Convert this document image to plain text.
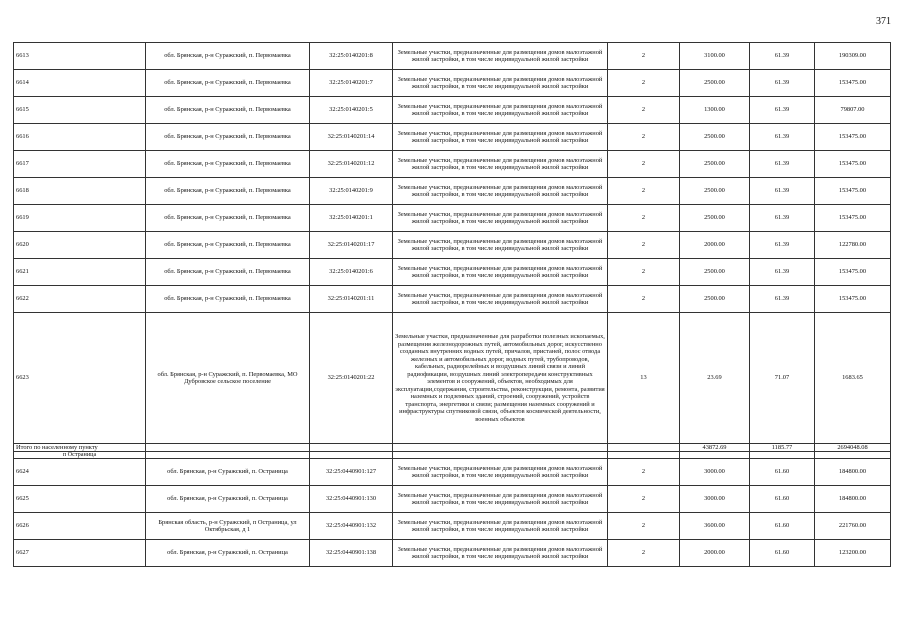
371
6613	обл. Брянская, р-н Суражский, п. Первомаевка	32:25:0140201:8	Земельные участки, предназначенные для размещения домов малоэтажной жилой застройки, в том числе индивидуальной жилой застройки	2	3100.00	61.39	190309.00
6614	обл. Брянская, р-н Суражский, п. Первомаевка	32:25:0140201:7	Земельные участки, предназначенные для размещения домов малоэтажной жилой застройки, в том числе индивидуальной жилой застройки	2	2500.00	61.39	153475.00
6615	обл. Брянская, р-н Суражский, п. Первомаевка	32:25:0140201:5	Земельные участки, предназначенные для размещения домов малоэтажной жилой застройки, в том числе индивидуальной жилой застройки	2	1300.00	61.39	79807.00
6616	обл. Брянская, р-н Суражский, п. Первомаевка	32:25:0140201:14	Земельные участки, предназначенные для размещения домов малоэтажной жилой застройки, в том числе индивидуальной жилой застройки	2	2500.00	61.39	153475.00
6617	обл. Брянская, р-н Суражский, п. Первомаевка	32:25:0140201:12	Земельные участки, предназначенные для размещения домов малоэтажной жилой застройки, в том числе индивидуальной жилой застройки	2	2500.00	61.39	153475.00
6618	обл. Брянская, р-н Суражский, п. Первомаевка	32:25:0140201:9	Земельные участки, предназначенные для размещения домов малоэтажной жилой застройки, в том числе индивидуальной жилой застройки	2	2500.00	61.39	153475.00
6619	обл. Брянская, р-н Суражский, п. Первомаевка	32:25:0140201:1	Земельные участки, предназначенные для размещения домов малоэтажной жилой застройки, в том числе индивидуальной жилой застройки	2	2500.00	61.39	153475.00
6620	обл. Брянская, р-н Суражский, п. Первомаевка	32:25:0140201:17	Земельные участки, предназначенные для размещения домов малоэтажной жилой застройки, в том числе индивидуальной жилой застройки	2	2000.00	61.39	122780.00
6621	обл. Брянская, р-н Суражский, п. Первомаевка	32:25:0140201:6	Земельные участки, предназначенные для размещения домов малоэтажной жилой застройки, в том числе индивидуальной жилой застройки	2	2500.00	61.39	153475.00
6622	обл. Брянская, р-н Суражский, п. Первомаевка	32:25:0140201:11	Земельные участки, предназначенные для размещения домов малоэтажной жилой застройки, в том числе индивидуальной жилой застройки	2	2500.00	61.39	153475.00
6623	обл. Брянская, р-н Суражский, п. Первомаевка, МО Дубровское сельское поселение	32:25:0140201:22	Земельные участки, предназначенные для разработки полезных ископаемых, размещения железнодорожных путей, автомобильных дорог, искусственно созданных внутренних водных путей, причалов, пристаней, полос отвода железных и автомобильных дорог, водных путей, трубопроводов, кабельных, радиорелейных и воздушных линий связи и линий радиофикации, воздушных линий электропередачи конструктивных элементов и сооружений, объектов, необходимых для эксплуатации,содержания, строительства, реконструкции, ремонта, развития наземных и подземных зданий, строений, сооружений, устройств транспорта, энергетики и связи; размещения наземных сооружений и инфраструктуры спутниковой связи, объектов космической деятельности, военных объектов	13	23.69	71.07	1683.65
Итого по населенному пункту					43872.69	1185.77	2694048.08
п Остраница							
6624	обл. Брянская, р-н Суражский, п. Остраница	32:25:0440901:127	Земельные участки, предназначенные для размещения домов малоэтажной жилой застройки, в том числе индивидуальной жилой застройки	2	3000.00	61.60	184800.00
6625	обл. Брянская, р-н Суражский, п. Остраница	32:25:0440901:130	Земельные участки, предназначенные для размещения домов малоэтажной жилой застройки, в том числе индивидуальной жилой застройки	2	3000.00	61.60	184800.00
6626	Брянская область, р-н Суражский, п Остраница, ул Октябрьская, д 1	32:25:0440901:132	Земельные участки, предназначенные для размещения домов малоэтажной жилой застройки, в том числе индивидуальной жилой застройки	2	3600.00	61.60	221760.00
6627	обл. Брянская, р-н Суражский, п. Остраница	32:25:0440901:138	Земельные участки, предназначенные для размещения домов малоэтажной жилой застройки, в том числе индивидуальной жилой застройки	2	2000.00	61.60	123200.00
